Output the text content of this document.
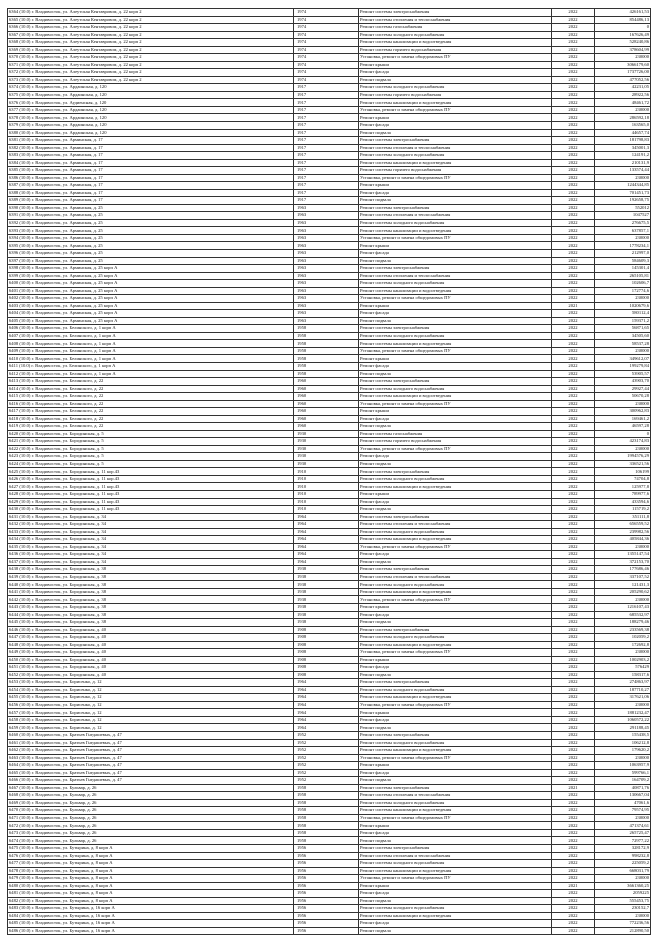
6364 (10.0) г. Владивосток, ул. Алеутская Кентавровом, д. 22 корп 2	1974	Ремонт системы электроснабжения	2022	426161,53
6365 (10.0) г. Владивосток, ул. Алеутская Кентавровом, д. 22 корп 2	1974	Ремонт системы отопления и теплоснабжения	2022	854486,13
6366 (10.0) г. Владивосток, ул. Алеутская Кентавровом, д. 22 корп 2	1974	Ремонт системы газоснабжения	2022	0
6367 (10.0) г. Владивосток, ул. Алеутская Кентавровом, д. 22 корп 2	1974	Ремонт системы холодного водоснабжения	2022	167626,49
6368 (10.0) г. Владивосток, ул. Алеутская Кентавровом, д. 22 корп 2	1974	Ремонт системы канализации и водоотведения	2022	528240,86
6369 (10.0) г. Владивосток, ул. Алеутская Кентавровом, д. 22 корп 2	1974	Ремонт системы горячего водоснабжения	2022	378604,99
6370 (10.0) г. Владивосток, ул. Алеутская Кентавровом, д. 22 корп 2	1974	Установка, ремонт и замена общедомовых ПУ	2022	230000
6371 (10.0) г. Владивосток, ул. Алеутская Кентавровом, д. 22 корп 2	1974	Ремонт крыши	2022	3066179,60
6372 (10.0) г. Владивосток, ул. Алеутская Кентавровом, д. 22 корп 2	1974	Ремонт фасада	2022	1737726,00
6373 (10.0) г. Владивосток, ул. Алеутская Кентавровом, д. 22 корп 2	1974	Ремонт подвала	2022	477052,56
6374 (10.0) г. Владивосток, ул. Ардаинская, д. 120	1917	Ремонт системы холодного водоснабжения	2022	42231,05
6375 (10.0) г. Владивосток, ул. Ардаинская, д. 120	1917	Ремонт системы горячего водоснабжения	2022	28922,56
6376 (10.0) г. Владивосток, ул. Аудиенсная, д. 120	1917	Ремонт системы канализации и водоотведения	2022	48461,72
6377 (10.0) г. Владивосток, ул. Ардаинская, д. 120	1917	Установка, ремонт и замена общедомовых ПУ	2022	230000
6378 (10.0) г. Владивосток, ул. Ардаинская, д. 120	1917	Ремонт крыши	2022	286592,18
6379 (10.0) г. Владивосток, ул. Ардаинская, д. 120	1917	Ремонт фасада	2022	163565,0
6380 (10.0) г. Владивосток, ул. Ардаинская, д. 120	1917	Ремонт подвала	2022	44657,74
6381 (10.0) г. Владивосток, ул. Арминская, д. 17	1917	Ремонт системы электроснабжения	2022	181798,83
6382 (10.0) г. Владивосток, ул. Арминская, д. 17	1917	Ремонт системы отопления и теплоснабжения	2022	345001,3
6383 (10.0) г. Владивосток, ул. Арминская, д. 17	1917	Ремонт системы холодного водоснабжения	2022	124191,2
6384 (10.0) г. Владивосток, ул. Арминская, д. 17	1917	Ремонт системы канализации и водоотведения	2022	210131,9
6385 (10.0) г. Владивосток, ул. Арминская, д. 17	1917	Ремонт системы горячего водоснабжения	2022	133574,44
6386 (10.0) г. Владивосток, ул. Арминская, д. 17	1917	Установка, ремонт и замена общедомовых ПУ	2022	230000
6387 (10.0) г. Владивосток, ул. Арминская, д. 17	1917	Ремонт крыши	2022	1244344,85
6388 (10.0) г. Владивосток, ул. Арминская, д. 17	1917	Ремонт фасада	2022	701451,73
6389 (10.0) г. Владивосток, ул. Арминская, д. 17	1917	Ремонт подвала	2022	192658,75
6390 (10.0) г. Владивосток, ул. Арминская, д. 25	1963	Ремонт системы электроснабжения	2022	552012
6391 (10.0) г. Владивосток, ул. Арминская, д. 25	1963	Ремонт системы отопления и теплоснабжения	2022	1047527
6392 (10.0) г. Владивосток, ул. Арминская, д. 25	1963	Ремонт системы холодного водоснабжения	2022	276675,5
6393 (10.0) г. Владивосток, ул. Арминская, д. 25	1963	Ремонт системы канализации и водоотведения	2022	637857,1
6394 (10.0) г. Владивосток, ул. Арминская, д. 25	1963	Установка, ремонт и замена общедомовых ПУ	2022	230000
6395 (10.0) г. Владивосток, ул. Арминская, д. 25	1963	Ремонт крыши	2022	1778234,1
6396 (10.0) г. Владивосток, ул. Арминская, д. 25	1963	Ремонт фасада	2022	212997,0
6397 (10.0) г. Владивосток, ул. Арминская, д. 25	1963	Ремонт подвала	2022	584609,3
6398 (10.0) г. Владивосток, ул. Арминская, д. 25 корп А	1963	Ремонт системы электроснабжения	2022	145301,4
6399 (10.0) г. Владивосток, ул. Арминская, д. 25 корп А	1963	Ремонт системы отопления и теплоснабжения	2022	265105,81
6400 (10.0) г. Владивосток, ул. Арминская, д. 25 корп А	1963	Ремонт системы холодного водоснабжения	2022	102606,7
6401 (10.0) г. Владивосток, ул. Арминская, д. 25 корп А	1963	Ремонт системы канализации и водоотведения	2022	172774,6
6402 (10.0) г. Владивосток, ул. Арминская, д. 25 корп А	1963	Установка, ремонт и замена общедомовых ПУ	2022	230000
6403 (10.0) г. Владивосток, ул. Арминская, д. 25 корп А	1963	Ремонт крыши	2021	1020679,6
6404 (10.0) г. Владивосток, ул. Арминская, д. 25 корп А	1963	Ремонт фасада	2022	580112,4
6405 (10.0) г. Владивосток, ул. Арминская, д. 25 корп А	1963	Ремонт подвала	2022	159371,2
6406 (10.0) г. Владивосток, ул. Белинского, д. 1 корп А	1958	Ремонт системы электроснабжения	2022	56871,65
6407 (10.0) г. Владивосток, ул. Белинского, д. 1 корп А	1958	Ремонт системы холодного водоснабжения	2022	34505,60
6408 (10.0) г. Владивосток, ул. Белинского, д. 1 корп А	1958	Ремонт системы канализации и водоотведения	2022	58537,28
6409 (10.0) г. Владивосток, ул. Белинского, д. 1 корп А	1958	Установка, ремонт и замена общедомовых ПУ	2022	230000
6410 (10.0) г. Владивосток, ул. Белинского, д. 1 корп А	1958	Ремонт крыши	2022	349612,07
6411 (10.0) г. Владивосток, ул. Белинского, д. 1 корп А	1958	Ремонт фасада	2022	199279,84
6412 (10.0) г. Владивосток, ул. Белинского, д. 1 корп А	1958	Ремонт подвала	2022	53905,57
6413 (10.0) г. Владивосток, ул. Белинского, д. 22	1960	Ремонт системы электроснабжения	2022	43903,70
6414 (10.0) г. Владивосток, ул. Белинского, д. 22	1960	Ремонт системы холодного водоснабжения	2022	29927,44
6415 (10.0) г. Владивосток, ул. Белинского, д. 22	1960	Ремонт системы канализации и водоотведения	2022	50670,28
6416 (10.0) г. Владивосток, ул. Белинского, д. 22	1960	Установка, ремонт и замена общедомовых ПУ	2022	230000
6417 (10.0) г. Владивосток, ул. Белинского, д. 22	1960	Ремонт крыши	2022	300962,83
6418 (10.0) г. Владивосток, ул. Белинского, д. 22	1960	Ремонт фасада	2022	169461,2
6419 (10.0) г. Владивосток, ул. Белинского, д. 22	1960	Ремонт подвала	2022	46597,28
6420 (10.0) г. Владивосток, ул. Бородинская, д. 5	1930	Ремонт системы газоснабжения	2022	0
6421 (10.0) г. Владивосток, ул. Бородинская, д. 5	1930	Ремонт системы горячего водоснабжения	2022	423174,83
6422 (10.0) г. Владивосток, ул. Бородинская, д. 5	1930	Установка, ремонт и замена общедомовых ПУ	2022	230000
6423 (10.0) г. Владивосток, ул. Бородинская, д. 5	1930	Ремонт фасада	2022	1994576,29
6424 (10.0) г. Владивосток, ул. Бородинская, д. 5	1930	Ремонт подвала	2022	336521,56
6425 (10.0) г. Владивосток, ул. Бородинская, д. 11 кор.43	1910	Ремонт системы электроснабжения	2022	106199
6426 (10.0) г. Владивосток, ул. Бородинская, д. 11 кор.43	1910	Ремонт системы холодного водоснабжения	2022	74704,8
6427 (10.0) г. Владивосток, ул. Бородинская, д. 11 кор.43	1910	Ремонт системы канализации и водоотведения	2022	125977,8
6428 (10.0) г. Владивосток, ул. Бородинская, д. 11 кор.43	1910	Ремонт крыши	2022	789977,6
6429 (10.0) г. Владивосток, ул. Бородинская, д. 11 кор.43	1910	Ремонт фасада	2022	433594,6
6430 (10.0) г. Владивосток, ул. Бородинская, д. 11 кор.43	1910	Ремонт подвала	2022	115719,2
6431 (10.0) г. Владивосток, ул. Бородинская, д. 34	1964	Ремонт системы электроснабжения	2022	351111,8
6432 (10.0) г. Владивосток, ул. Бородинская, д. 34	1964	Ремонт системы отопления и теплоснабжения	2022	656559,52
6433 (10.0) г. Владивосток, ул. Бородинская, д. 34	1964	Ремонт системы холодного водоснабжения	2022	239982,56
6434 (10.0) г. Владивосток, ул. Бородинская, д. 34	1964	Ремонт системы канализации и водоотведения	2022	405844,36
6435 (10.0) г. Владивосток, ул. Бородинская, д. 34	1964	Установка, ремонт и замена общедомовых ПУ	2022	230000
6436 (10.0) г. Владивосток, ул. Бородинская, д. 34	1964	Ремонт фасада	2022	1355147,54
6437 (10.0) г. Владивосток, ул. Бородинская, д. 34	1964	Ремонт подвала	2022	372153,70
6438 (10.0) г. Владивосток, ул. Бородинская, д. 38	1938	Ремонт системы электроснабжения	2022	177686,46
6439 (10.0) г. Владивосток, ул. Бородинская, д. 38	1938	Ремонт системы отопления и теплоснабжения	2022	337107,52
6440 (10.0) г. Владивосток, ул. Бородинская, д. 38	1938	Ремонт системы холодного водоснабжения	2022	121431,3
6441 (10.0) г. Владивосток, ул. Бородинская, д. 38	1938	Ремонт системы канализации и водоотведения	2022	205290,62
6442 (10.0) г. Владивосток, ул. Бородинская, д. 38	1938	Установка, ремонт и замена общедомовых ПУ	2022	230000
6443 (10.0) г. Владивосток, ул. Бородинская, д. 38	1938	Ремонт крыши	2022	1216107,43
6444 (10.0) г. Владивосток, ул. Бородинская, д. 38	1938	Ремонт фасада	2022	685532,97
6445 (10.0) г. Владивосток, ул. Бородинская, д. 38	1938	Ремонт подвала	2022	188279,46
6446 (10.0) г. Владивосток, ул. Бородинская, д. 40	1908	Ремонт системы электроснабжения	2022	233569,38
6447 (10.0) г. Владивосток, ул. Бородинская, д. 40	1908	Ремонт системы холодного водоснабжения	2022	102059,2
6448 (10.0) г. Владивосток, ул. Бородинская, д. 40	1908	Ремонт системы канализации и водоотведения	2022	172692,8
6449 (10.0) г. Владивосток, ул. Бородинская, д. 40	1908	Установка, ремонт и замена общедомовых ПУ	2022	230000
6450 (10.0) г. Владивосток, ул. Бородинская, д. 40	1908	Ремонт крыши	2022	1002903,2
6451 (10.0) г. Владивосток, ул. Бородинская, д. 40	1908	Ремонт фасада	2022	576429
6452 (10.0) г. Владивосток, ул. Бородинская, д. 40	1908	Ремонт подвала	2022	158317,6
6453 (10.0) г. Владивосток, ул. Борисенко, д. 12	1964	Ремонт системы электроснабжения	2022	274863,97
6454 (10.0) г. Владивосток, ул. Борисенко, д. 12	1964	Ремонт системы холодного водоснабжения	2022	187710,27
6455 (10.0) г. Владивосток, ул. Борисенко, д. 12	1964	Ремонт системы канализации и водоотведения	2022	317621,06
6456 (10.0) г. Владивосток, ул. Борисенко, д. 12	1964	Установка, ремонт и замена общедомовых ПУ	2022	230000
6457 (10.0) г. Владивосток, ул. Борисенко, д. 12	1964	Ремонт крыши	2022	1881232,47
6458 (10.0) г. Владивосток, ул. Борисенко, д. 12	1964	Ремонт фасада	2022	1060572,22
6459 (10.0) г. Владивосток, ул. Борисенко, д. 12	1964	Ремонт подвала	2022	291188,45
6460 (10.0) г. Владивосток, ул. Братьев Гнедашевых, д. 47	1952	Ремонт системы электроснабжения	2022	155438,5
6461 (10.0) г. Владивосток, ул. Братьев Гнедашевых, д. 47	1952	Ремонт системы холодного водоснабжения	2022	106212,8
6462 (10.0) г. Владивосток, ул. Братьев Гнедашевых, д. 47	1952	Ремонт системы канализации и водоотведения	2022	179620,2
6463 (10.0) г. Владивосток, ул. Братьев Гнедашевых, д. 47	1952	Установка, ремонт и замена общедомовых ПУ	2022	230000
6464 (10.0) г. Владивосток, ул. Братьев Гнедашевых, д. 47	1952	Ремонт крыши	2022	1063957,9
6465 (10.0) г. Владивосток, ул. Братьев Гнедашевых, д. 47	1952	Ремонт фасада	2022	599766,1
6466 (10.0) г. Владивосток, ул. Братьев Гнедашевых, д. 47	1952	Ремонт подвала	2022	164709,2
6467 (10.0) г. Владивосток, ул. Бульвар, д. 26	1958	Ремонт системы электроснабжения	2021	40871,76
6468 (10.0) г. Владивосток, ул. Бульвар, д. 26	1958	Ремонт системы отопления и теплоснабжения	2022	130667,04
6469 (10.0) г. Владивосток, ул. Бульвар, д. 26	1958	Ремонт системы холодного водоснабжения	2022	47061,6
6470 (10.0) г. Владивосток, ул. Бульвар, д. 26	1958	Ремонт системы канализации и водоотведения	2022	79574,95
6471 (10.0) г. Владивосток, ул. Бульвар, д. 26	1958	Установка, ремонт и замена общедомовых ПУ	2022	230000
6472 (10.0) г. Владивосток, ул. Бульвар, д. 26	1958	Ремонт крыши	2022	471374,61
6473 (10.0) г. Владивосток, ул. Бульвар, д. 26	1958	Ремонт фасада	2022	265725,47
6474 (10.0) г. Владивосток, ул. Бульвар, д. 26	1958	Ремонт подвала	2022	72977,22
6475 (10.0) г. Владивосток, ул. Бутырина, д. 8 корп А	1956	Ремонт системы электроснабжения	2022	328172,9
6476 (10.0) г. Владивосток, ул. Бутырина, д. 8 корп А	1956	Ремонт системы отопления и теплоснабжения	2022	998232,8
6477 (10.0) г. Владивосток, ул. Бутырина, д. 8 корп А	1956	Ремонт системы холодного водоснабжения	2022	225059,2
6478 (10.0) г. Владивосток, ул. Бутырина, д. 8 корп А	1956	Ремонт системы канализации и водоотведения	2022	668031,79
6479 (10.0) г. Владивосток, ул. Бутырина, д. 8 корп А	1956	Установка, ремонт и замена общедомовых ПУ	2022	230000
6480 (10.0) г. Владивосток, ул. Бутырина, д. 8 корп А	1956	Ремонт крыши	2021	3661360,25
6481 (10.0) г. Владивосток, ул. Бутырина, д. 8 корп А	1956	Ремонт фасада	2022	2059225
6482 (10.0) г. Владивосток, ул. Бутырина, д. 8 корп А	1956	Ремонт подвала	2022	555453,75
6483 (10.0) г. Владивосток, ул. Бутырина, д. 16 корп А	1956	Ремонт системы холодного водоснабжения	2022	230152,7
6484 (10.0) г. Владивосток, ул. Бутырина, д. 16 корп А	1956	Ремонт системы канализации и водоотведения	2022	230000
6485 (10.0) г. Владивосток, ул. Бутырина, д. 16 корп А	1956	Ремонт фасада	2022	772236,56
6486 (10.0) г. Владивосток, ул. Бутырина, д. 16 корп А	1956	Ремонт подвала	2022	212890,50
